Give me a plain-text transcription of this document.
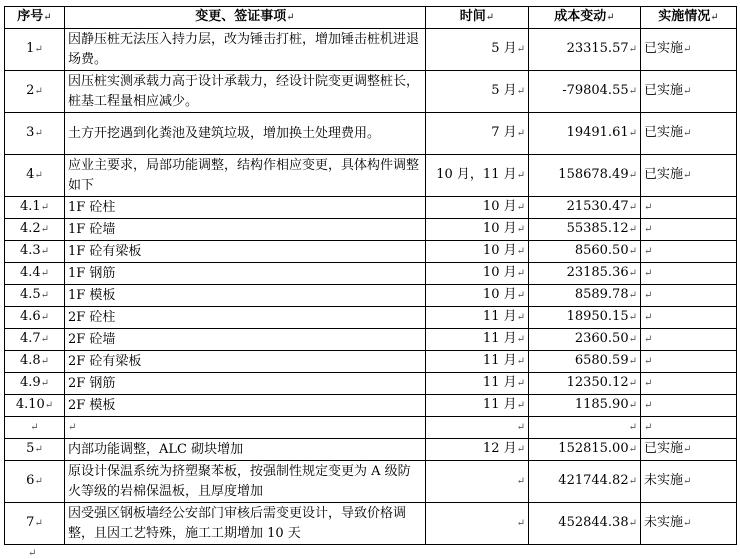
序号↵	变更、签证事项↵	时间↵	成本变动↵	实施情况↵
1↵	因静压桩无法压入持力层，改为锤击打桩，增加锤击桩机进退场费。	5 月↵	23315.57↵	已实施↵
2↵	因压桩实测承载力高于设计承载力，经设计院变更调整桩长，桩基工程量相应减少。	5 月↵	-79804.55↵	已实施↵
3↵	土方开挖遇到化粪池及建筑垃圾，增加换土处理费用。	7 月↵	19491.61↵	已实施↵
4↵	应业主要求，局部功能调整，结构作相应变更，具体构件调整如下	10 月，11 月↵	158678.49↵	已实施↵
4.1↵	1F 砼柱	10 月↵	21530.47↵	↵
4.2↵	1F 砼墙	10 月↵	55385.12↵	↵
4.3↵	1F 砼有梁板	10 月↵	8560.50↵	↵
4.4↵	1F 钢筋	10 月↵	23185.36↵	↵
4.5↵	1F 模板	10 月↵	8589.78↵	↵
4.6↵	2F 砼柱	11 月↵	18950.15↵	↵
4.7↵	2F 砼墙	11 月↵	2360.50↵	↵
4.8↵	2F 砼有梁板	11 月↵	6580.59↵	↵
4.9↵	2F 钢筋	11 月↵	12350.12↵	↵
4.10↵	2F 模板	11 月↵	1185.90↵	↵
↵	↵	↵	↵	↵
5↵	内部功能调整，ALC 砌块增加	12 月↵	152815.00↵	已实施↵
6↵	原设计保温系统为挤塑聚苯板，按强制性规定变更为 A 级防火等级的岩棉保温板，且厚度增加	↵	421744.82↵	未实施↵
7↵	因受强区钢板墙经公安部门审核后需变更设计，导致价格调整，且因工艺特殊，施工工期增加 10 天	↵	452844.38↵	未实施↵
↵
